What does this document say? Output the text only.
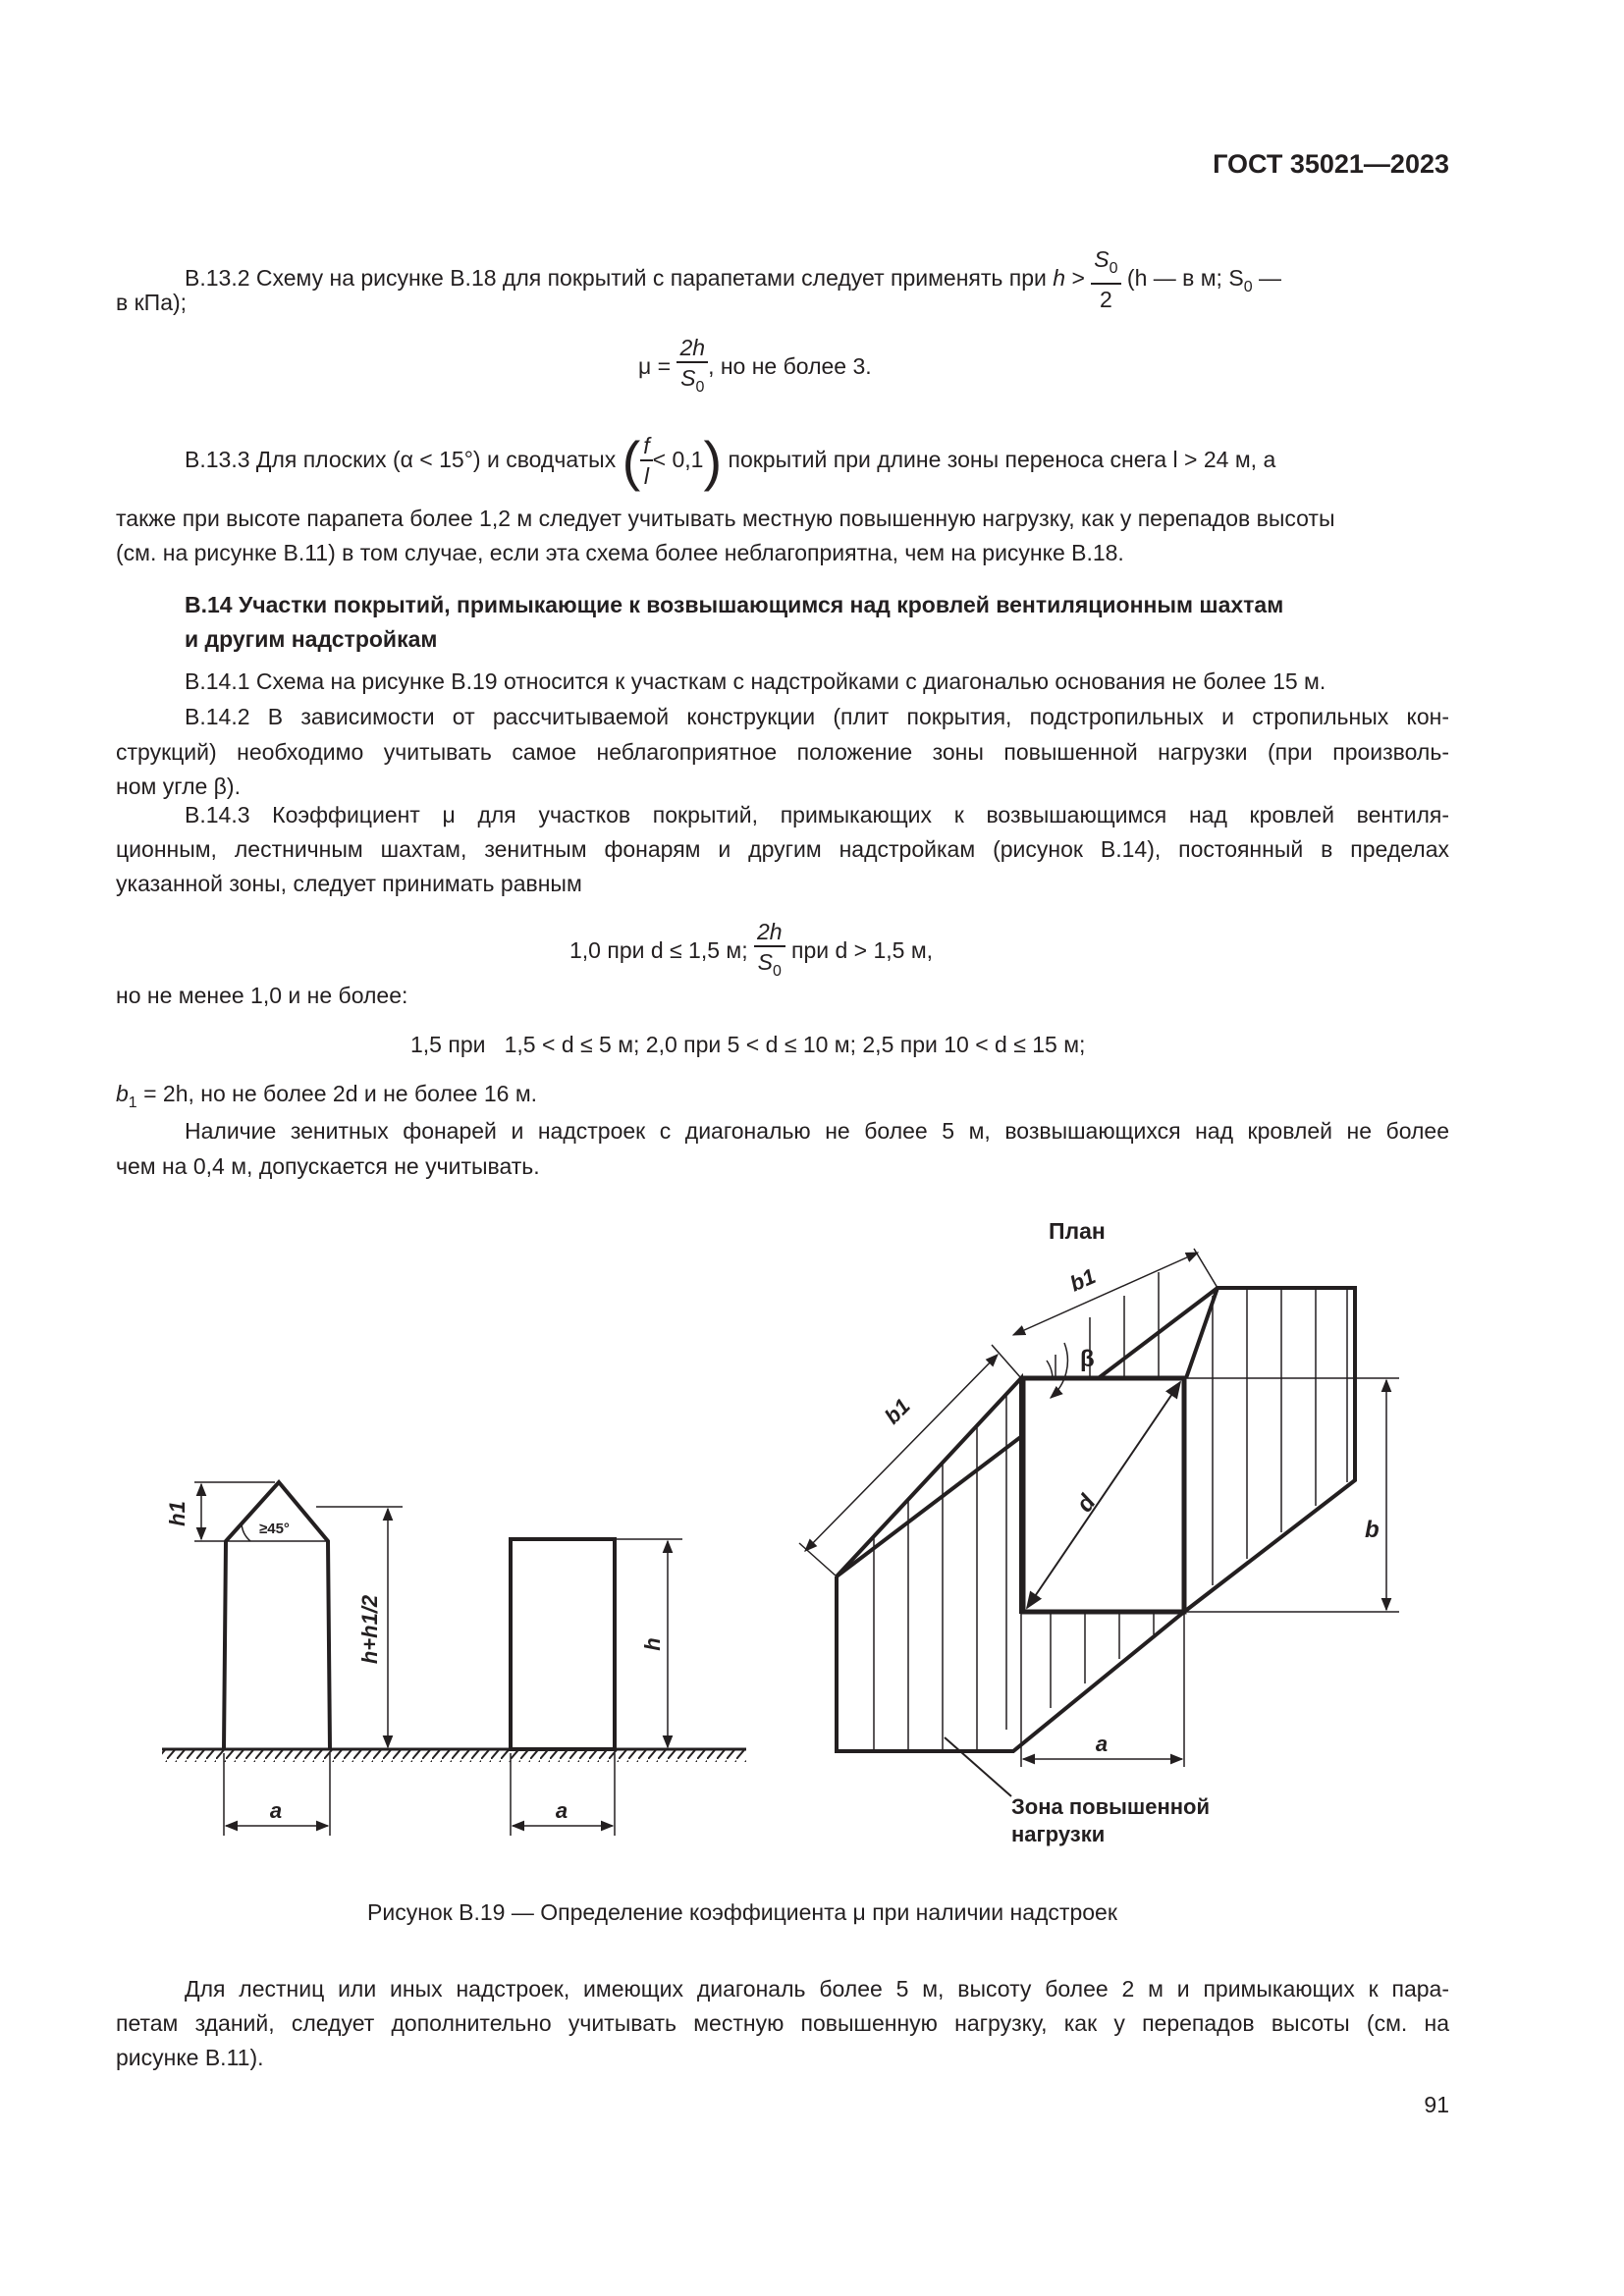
ГОСТ 35021—2023
В.13.2 Схему на рисунке В.18 для покрытий с парапетами следует применять при $h > \frac{S_0}{2} (h$ — в м; $S_0$ —
в кПа);
$\mu = \frac{2h}{S_0}$ , но не более 3.
В.13.3 Для плоских (α < 15°) и сводчатых ( $\frac{f}{l} < 0,1$) покрытий при длине зоны переноса снега l > 24 м, а
также при высоте парапета более 1,2 м следует учитывать местную повышенную нагрузку, как у перепадов высоты
(см. на рисунке В.11) в том случае, если эта схема более неблагоприятна, чем на рисунке В.18.
В.14 Участки покрытий, примыкающие к возвышающимся над кровлей вентиляционным шахтам
и другим надстройкам
В.14.1 Схема на рисунке В.19 относится к участкам с надстройками с диагональю основания не более 15 м.
В.14.2 В зависимости от рассчитываемой конструкции (плит покрытия, подстропильных и стропильных кон-
струкций) необходимо учитывать самое неблагоприятное положение зоны повышенной нагрузки (при произволь-
ном угле β).
В.14.3 Коэффициент μ для участков покрытий, примыкающих к возвышающимся над кровлей вентиля-
ционным, лестничным шахтам, зенитным фонарям и другим надстройкам (рисунок В.14), постоянный в пределах
указанной зоны, следует принимать равным
1,0 при d ≤ 1,5 м; $\frac{2h}{S_0}$ при d > 1,5 м,
но не менее 1,0 и не более:
1,5 при   1,5 < d ≤ 5 м; 2,0 при 5 < d ≤ 10 м; 2,5 при 10 < d ≤ 15 м;
$b_1 = 2h$, но не более 2d и не более 16 м.
Наличие зенитных фонарей и надстроек с диагональю не более 5 м, возвышающихся над кровлей не более
чем на 0,4 м, допускается не учитывать.
h1
≥45°
h+h1/2
a
h
a
План
b1
b1
β
d
b
a
Зона повышенной
нагрузки
Рисунок В.19 — Определение коэффициента μ при наличии надстроек
Для лестниц или иных надстроек, имеющих диагональ более 5 м, высоту более 2 м и примыкающих к пара-
петам зданий, следует дополнительно учитывать местную повышенную нагрузку, как у перепадов высоты (см. на
рисунке В.11).
91
